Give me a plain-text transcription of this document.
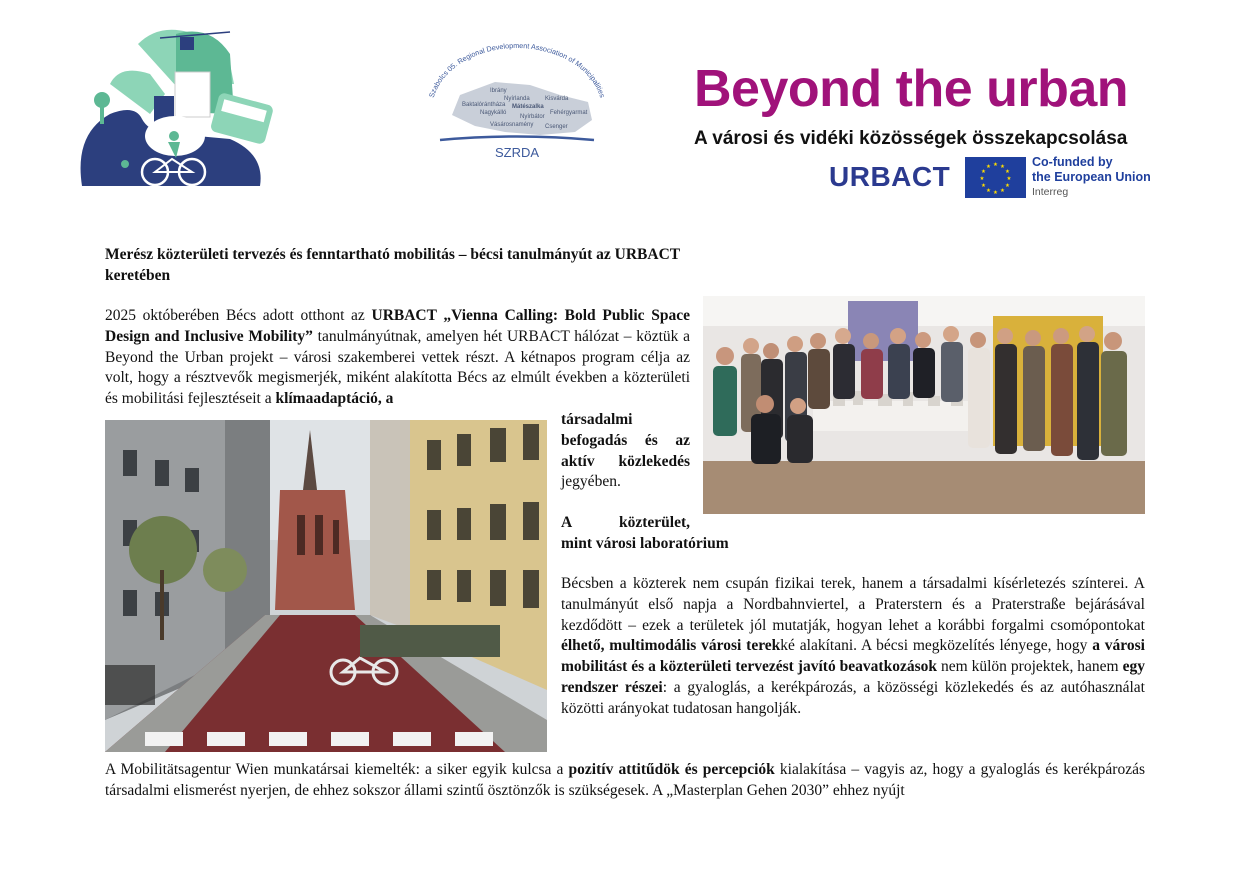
Szabolcs 05. Regional Development Association of Municipalities
Ibrány
Nyírlanda
Baktalórántháza Mátészalka
Kisvárda
Nagykálló
Nyírbátor
Fehérgyarmat
Vásárosnamény Csenger
SZRDA
Beyond the urban
A városi és vidéki közösségek összekapcsolása
URBACT	★ ★
★
★
★
★
★
★
★
★
★
★	Co-funded by
the European Union
Interreg
Merész közterületi tervezés és fenntartható mobilitás – bécsi tanulmányút az URBACT keretében
2025 októberében Bécs adott otthont az URBACT „Vienna Calling: Bold Public Space Design and Inclusive Mobility” tanulmányútnak, amelyen hét URBACT hálózat – köztük a Beyond the Urban projekt – városi szakemberei vettek részt. A kétnapos program célja az volt, hogy a résztvevők megismerjék, miként alakította Bécs az elmúlt években a közterületi és mobilitási fejlesztéseit a klímaadaptáció, a
társadalmi befogadás és az aktív közlekedés jegyében.
A közterület,
mint városi laboratórium
Bécsben a közterek nem csupán fizikai terek, hanem a társadalmi kísérletezés színterei. A tanulmányút első napja a Nordbahnviertel, a Praterstern és a Praterstraße bejárásával kezdődött – ezek a területek jól mutatják, hogyan lehet a korábbi forgalmi csomópontokat élhető, multimodális városi terekké alakítani. A bécsi megközelítés lényege, hogy a városi mobilitást és a közterületi tervezést javító beavatkozások nem külön projektek, hanem egy rendszer részei: a gyaloglás, a kerékpározás, a közösségi közlekedés és az autóhasználat közötti arányokat tudatosan hangolják.
A Mobilitätsagentur Wien munkatársai kiemelték: a siker egyik kulcsa a pozitív attitűdök és percepciók kialakítása – vagyis az, hogy a gyaloglás és kerékpározás társadalmi elismerést nyerjen, de ehhez sokszor állami szintű ösztönzők is szükségesek. A „Masterplan Gehen 2030” ehhez nyújt
